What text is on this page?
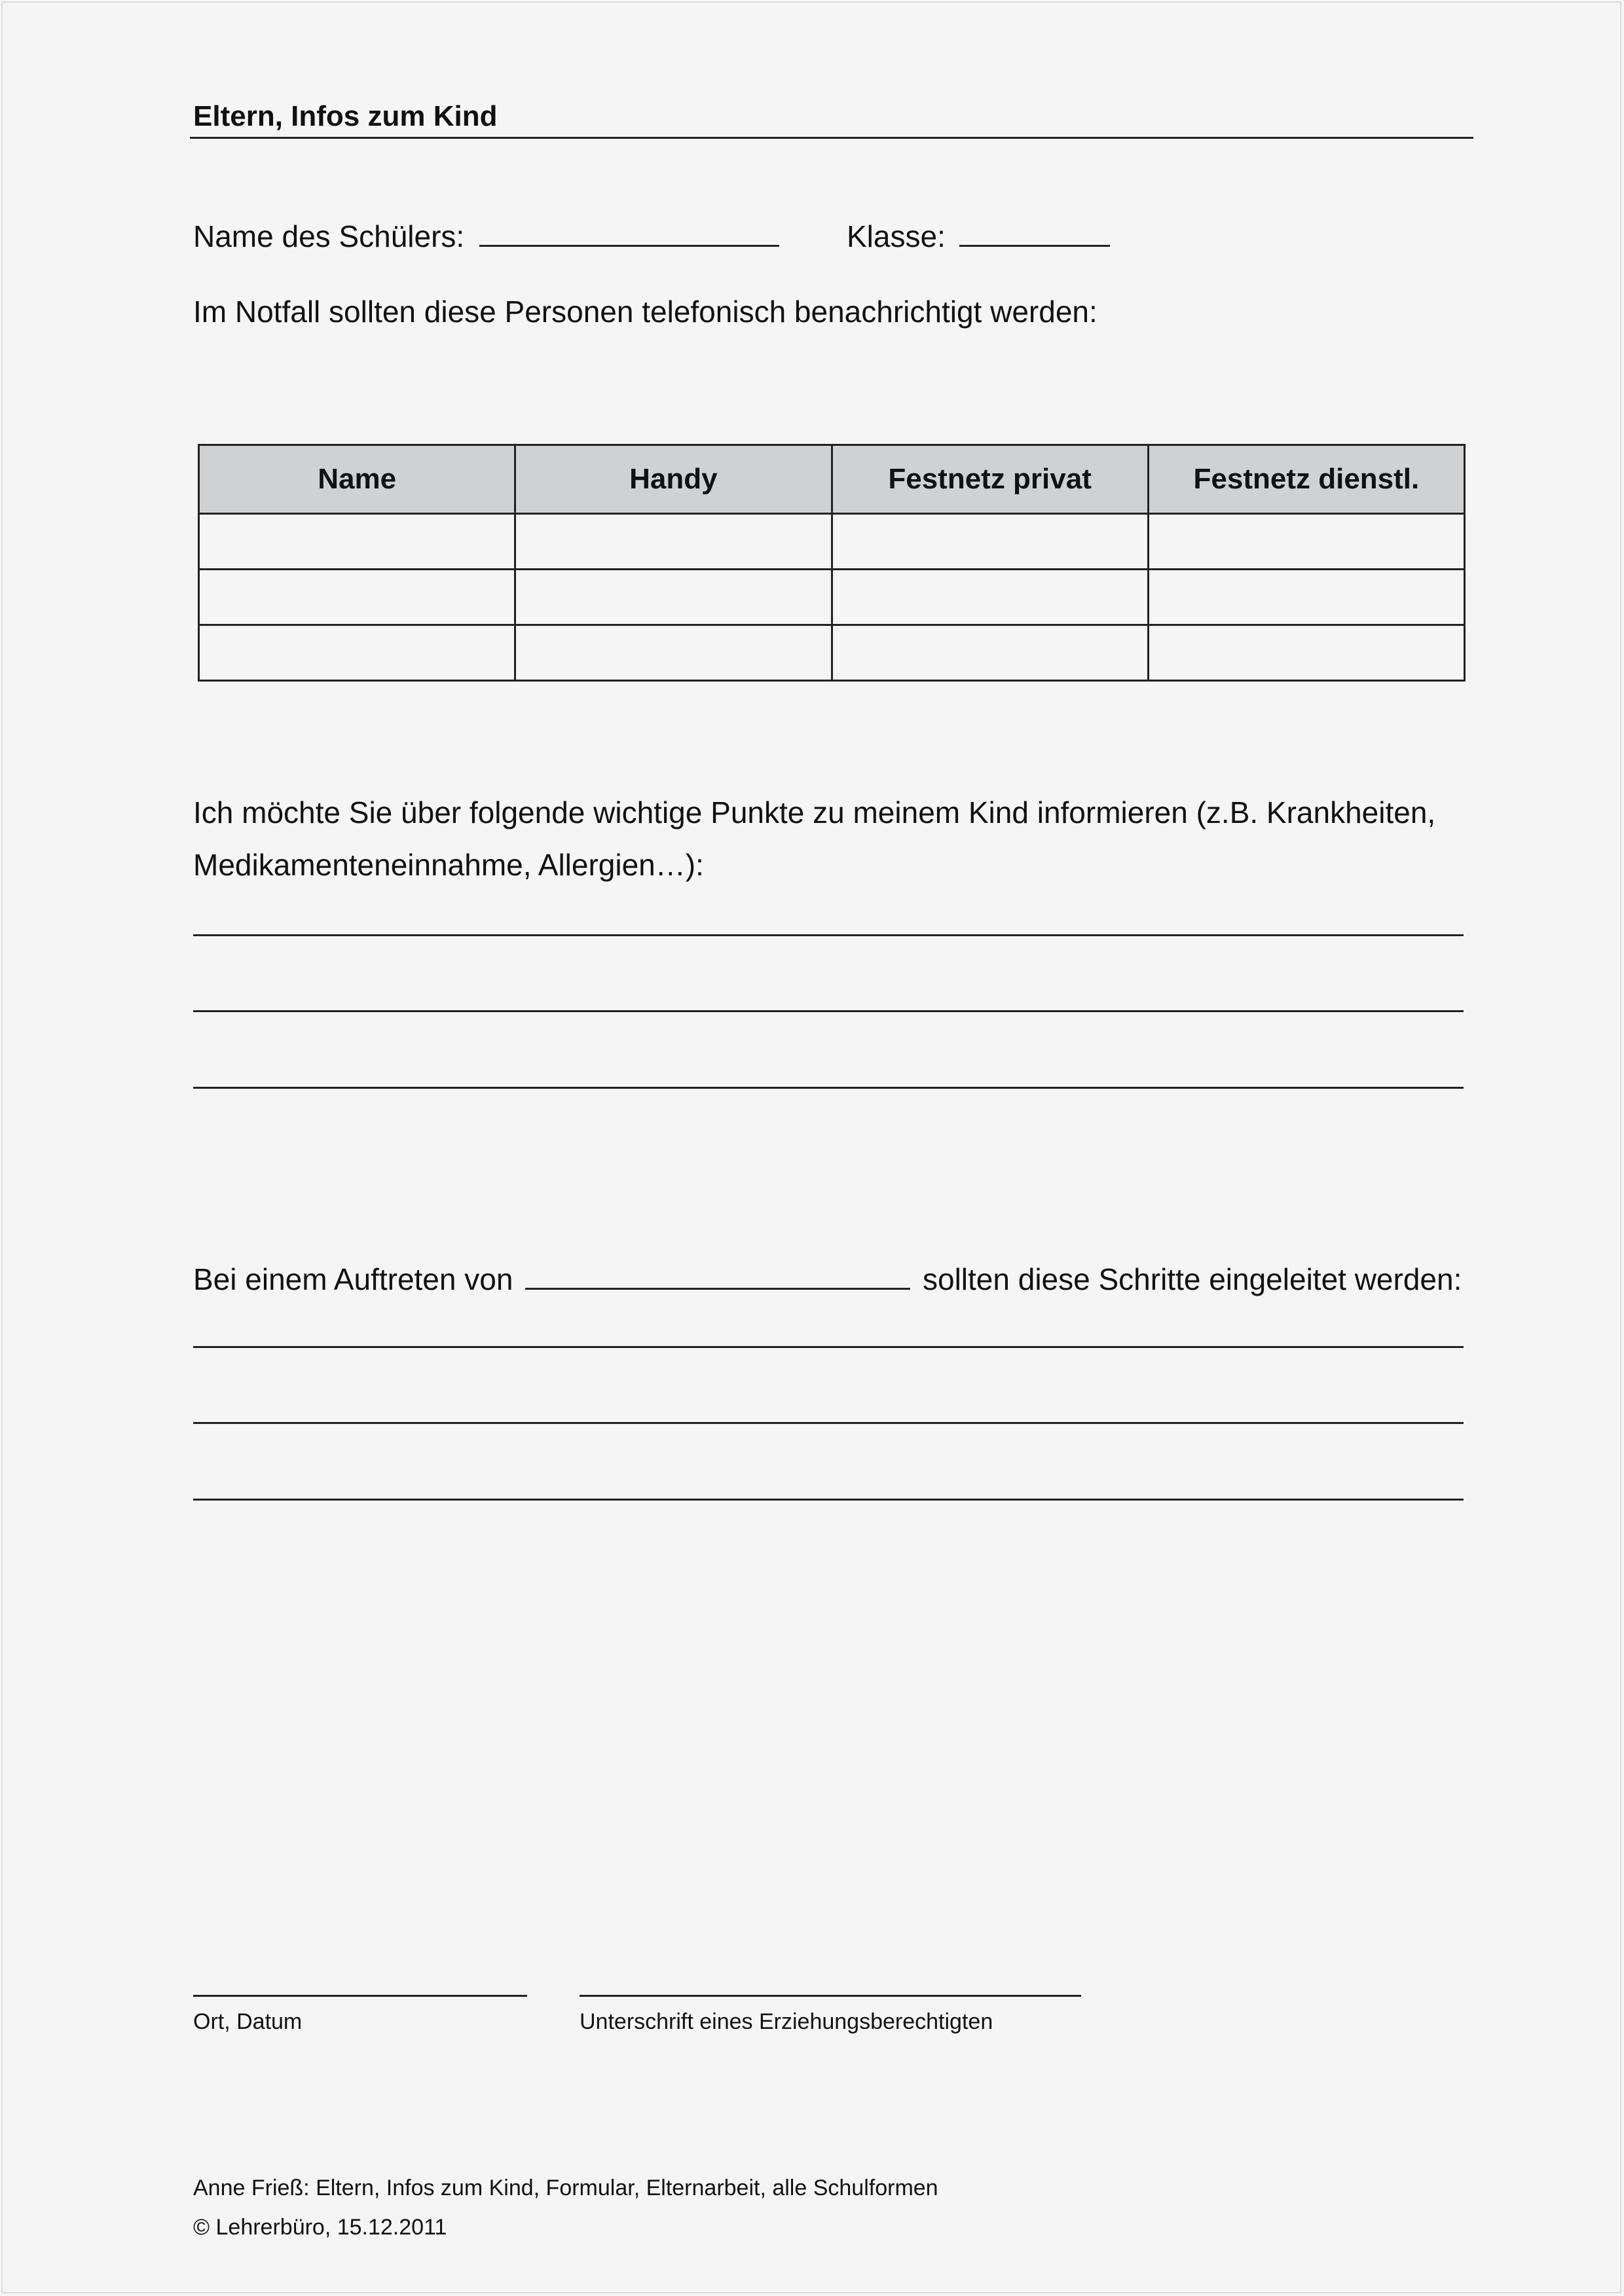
Eltern, Infos zum Kind
Name des Schülers:	Klasse:
Im Notfall sollten diese Personen telefonisch benachrichtigt werden:
Name	Handy	Festnetz privat	Festnetz dienstl.

Ich möchte Sie über folgende wichtige Punkte zu meinem Kind informieren (z.B. Krankheiten,
Medikamenteneinnahme, Allergien…):
Bei einem Auftreten von	sollten diese Schritte eingeleitet werden:
Ort, Datum	Unterschrift eines Erziehungsberechtigten
Anne Frieß: Eltern, Infos zum Kind, Formular, Elternarbeit, alle Schulformen
© Lehrerbüro, 15.12.2011
